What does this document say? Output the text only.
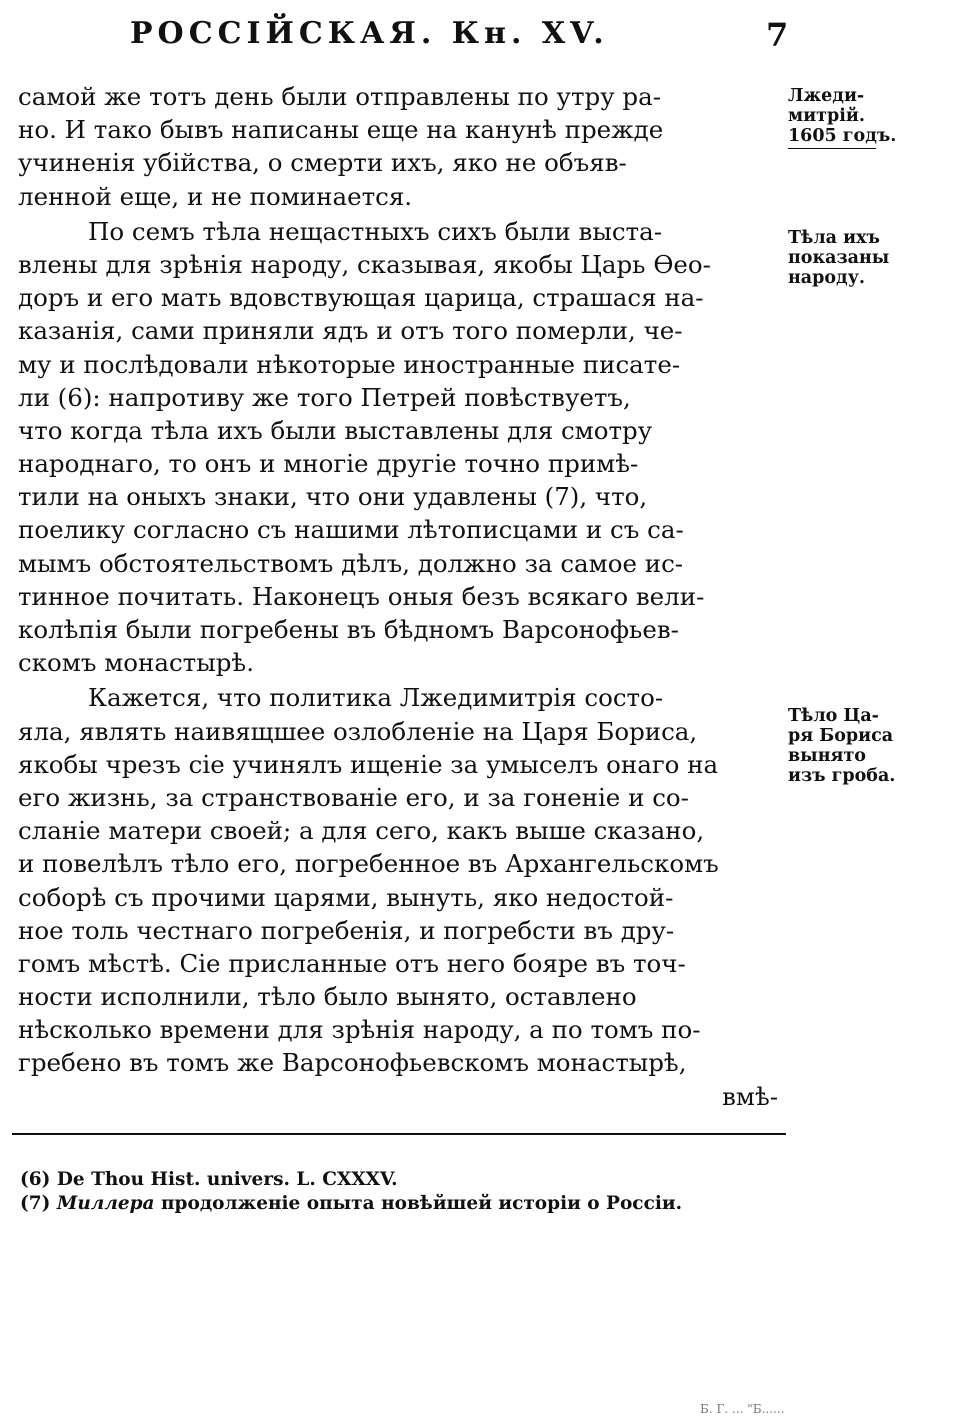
РОССІЙСКАЯ. Кн. XV.	7
самой же тотъ день были отправлены по утру ра-
но. И тако бывъ написаны еще на канунѣ прежде
учиненія убійства, о смерти ихъ, яко не объяв-
ленной еще, и не поминается.
По семъ тѣла нещастныхъ сихъ были выста-
влены для зрѣнія народу, сказывая, якобы Царь Ѳео-
доръ и его мать вдовствующая царица, страшася на-
казанія, сами приняли ядъ и отъ того померли, че-
му и послѣдовали нѣкоторые иностранные писате-
ли (6): напротиву же того Петрей повѣствуетъ,
что когда тѣла ихъ были выставлены для смотру
народнаго, то онъ и многіе другіе точно примѣ-
тили на оныхъ знаки, что они удавлены (7), что,
поелику согласно съ нашими лѣтописцами и съ са-
мымъ обстоятельствомъ дѣлъ, должно за самое ис-
тинное почитать. Наконецъ оныя безъ всякаго вели-
колѣпія были погребены въ бѣдномъ Варсонофьев-
скомъ монастырѣ.
Кажется, что политика Лжедимитрія состо-
яла, являть наивящшее озлобленіе на Царя Бориса,
якобы чрезъ сіе учинялъ ищеніе за умыселъ онаго на
его жизнь, за странствованіе его, и за гоненіе и со-
сланіе матери своей; а для сего, какъ выше сказано,
и повелѣлъ тѣло его, погребенное въ Архангельскомъ
соборѣ съ прочими царями, вынуть, яко недостой-
ное толь честнаго погребенія, и погребсти въ дру-
гомъ мѣстѣ. Сіе присланные отъ него бояре въ точ-
ности исполнили, тѣло было вынято, оставлено
нѣсколько времени для зрѣнія народу, а по томъ по-
гребено въ томъ же Варсонофьевскомъ монастырѣ,
вмѣ-
Лжеди-
митрій.
1605 годъ.
Тѣла ихъ
показаны
народу.
Тѣло Ца-
ря Бориса
вынято
изъ гроба.
(6) De Thou Hist. univers. L. CXXXV.
(7) Миллера продолженіе опыта новѣйшей исторіи о Россіи.
Б. Г. ... "Б......
